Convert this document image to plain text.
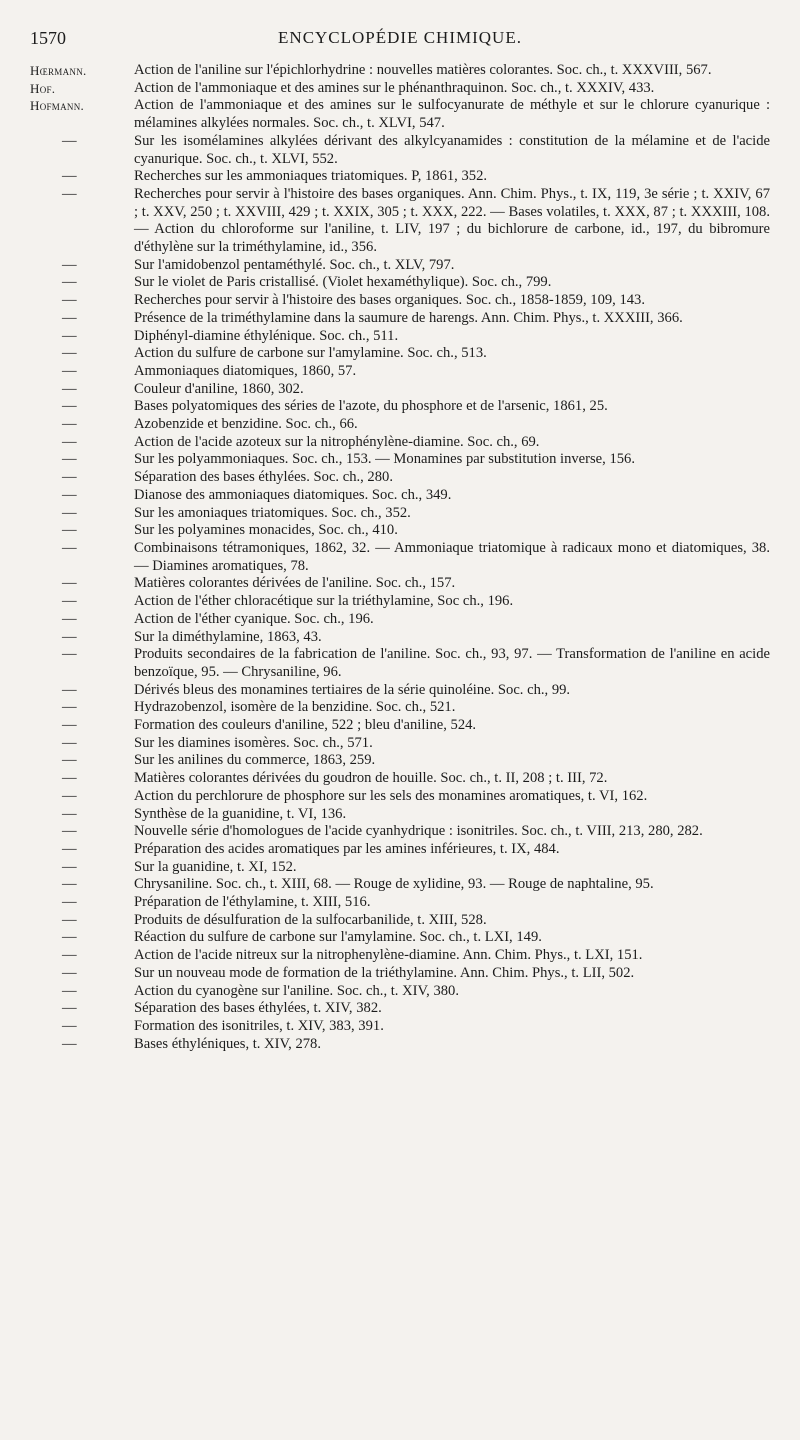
1570	ENCYCLOPÉDIE CHIMIQUE.
Hœrmann.	Action de l'aniline sur l'épichlorhydrine : nouvelles matières colorantes. Soc. ch., t. XXXVIII, 567.
Hof.	Action de l'ammoniaque et des amines sur le phénanthraquinon. Soc. ch., t. XXXIV, 433.
Hofmann.	Action de l'ammoniaque et des amines sur le sulfocyanurate de méthyle et sur le chlorure cyanurique : mélamines alkylées normales. Soc. ch., t. XLVI, 547.
—	Sur les isomélamines alkylées dérivant des alkylcyanamides : constitution de la mélamine et de l'acide cyanurique. Soc. ch., t. XLVI, 552.
—	Recherches sur les ammoniaques triatomiques. P, 1861, 352.
—	Recherches pour servir à l'histoire des bases organiques. Ann. Chim. Phys., t. IX, 119, 3e série ; t. XXIV, 67 ; t. XXV, 250 ; t. XXVIII, 429 ; t. XXIX, 305 ; t. XXX, 222. — Bases volatiles, t. XXX, 87 ; t. XXXIII, 108. — Action du chloroforme sur l'aniline, t. LIV, 197 ; du bichlorure de carbone, id., 197, du bibromure d'éthylène sur la triméthylamine, id., 356.
—	Sur l'amidobenzol pentaméthylé. Soc. ch., t. XLV, 797.
—	Sur le violet de Paris cristallisé. (Violet hexaméthylique). Soc. ch., 799.
—	Recherches pour servir à l'histoire des bases organiques. Soc. ch., 1858-1859, 109, 143.
—	Présence de la triméthylamine dans la saumure de harengs. Ann. Chim. Phys., t. XXXIII, 366.
—	Diphényl-diamine éthylénique. Soc. ch., 511.
—	Action du sulfure de carbone sur l'amylamine. Soc. ch., 513.
—	Ammoniaques diatomiques, 1860, 57.
—	Couleur d'aniline, 1860, 302.
—	Bases polyatomiques des séries de l'azote, du phosphore et de l'arsenic, 1861, 25.
—	Azobenzide et benzidine. Soc. ch., 66.
—	Action de l'acide azoteux sur la nitrophénylène-diamine. Soc. ch., 69.
—	Sur les polyammoniaques. Soc. ch., 153. — Monamines par substitution inverse, 156.
—	Séparation des bases éthylées. Soc. ch., 280.
—	Dianose des ammoniaques diatomiques. Soc. ch., 349.
—	Sur les amoniaques triatomiques. Soc. ch., 352.
—	Sur les polyamines monacides, Soc. ch., 410.
—	Combinaisons tétramoniques, 1862, 32. — Ammoniaque triatomique à radicaux mono et diatomiques, 38. — Diamines aromatiques, 78.
—	Matières colorantes dérivées de l'aniline. Soc. ch., 157.
—	Action de l'éther chloracétique sur la triéthylamine, Soc ch., 196.
—	Action de l'éther cyanique. Soc. ch., 196.
—	Sur la diméthylamine, 1863, 43.
—	Produits secondaires de la fabrication de l'aniline. Soc. ch., 93, 97. — Transformation de l'aniline en acide benzoïque, 95. — Chrysaniline, 96.
—	Dérivés bleus des monamines tertiaires de la série quinoléine. Soc. ch., 99.
—	Hydrazobenzol, isomère de la benzidine. Soc. ch., 521.
—	Formation des couleurs d'aniline, 522 ; bleu d'aniline, 524.
—	Sur les diamines isomères. Soc. ch., 571.
—	Sur les anilines du commerce, 1863, 259.
—	Matières colorantes dérivées du goudron de houille. Soc. ch., t. II, 208 ; t. III, 72.
—	Action du perchlorure de phosphore sur les sels des monamines aromatiques, t. VI, 162.
—	Synthèse de la guanidine, t. VI, 136.
—	Nouvelle série d'homologues de l'acide cyanhydrique : isonitriles. Soc. ch., t. VIII, 213, 280, 282.
—	Préparation des acides aromatiques par les amines inférieures, t. IX, 484.
—	Sur la guanidine, t. XI, 152.
—	Chrysaniline. Soc. ch., t. XIII, 68. — Rouge de xylidine, 93. — Rouge de naphtaline, 95.
—	Préparation de l'éthylamine, t. XIII, 516.
—	Produits de désulfuration de la sulfocarbanilide, t. XIII, 528.
—	Réaction du sulfure de carbone sur l'amylamine. Soc. ch., t. LXI, 149.
—	Action de l'acide nitreux sur la nitrophenylène-diamine. Ann. Chim. Phys., t. LXI, 151.
—	Sur un nouveau mode de formation de la triéthylamine. Ann. Chim. Phys., t. LII, 502.
—	Action du cyanogène sur l'aniline. Soc. ch., t. XIV, 380.
—	Séparation des bases éthylées, t. XIV, 382.
—	Formation des isonitriles, t. XIV, 383, 391.
—	Bases éthyléniques, t. XIV, 278.
